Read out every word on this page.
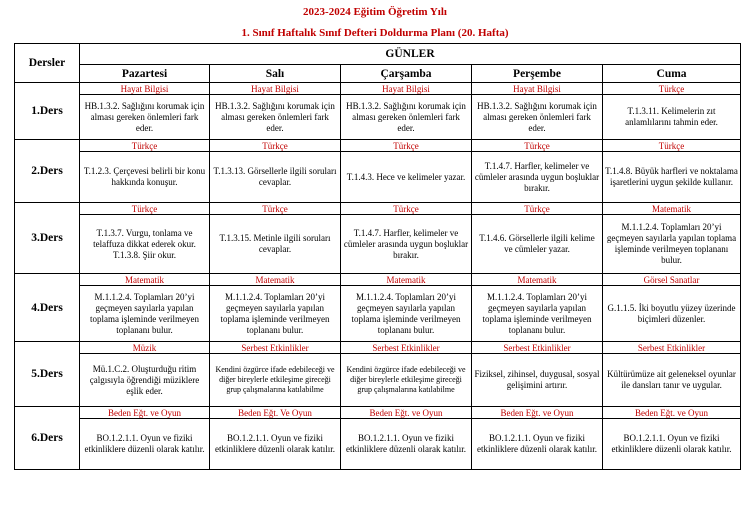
2023-2024 Eğitim Öğretim Yılı
1. Sınıf Haftalık Sınıf Defteri Doldurma Planı (20. Hafta)
Dersler	GÜNLER				
	Pazartesi	Salı	Çarşamba	Perşembe	Cuma
1.Ders	Hayat Bilgisi	Hayat Bilgisi	Hayat Bilgisi	Hayat Bilgisi	Türkçe

	HB.1.3.2. Sağlığını korumak için alması gereken önlemleri fark eder.	HB.1.3.2. Sağlığını korumak için alması gereken önlemleri fark eder.	HB.1.3.2. Sağlığını korumak için alması gereken önlemleri fark eder.	HB.1.3.2. Sağlığını korumak için alması gereken önlemleri fark eder.	T.1.3.11. Kelimelerin zıt anlamlılarını tahmin eder.

2.Ders	Türkçe	Türkçe	Türkçe	Türkçe	Türkçe

	T.1.2.3. Çerçevesi belirli bir konu hakkında konuşur.	T.1.3.13. Görsellerle ilgili soruları cevaplar.	T.1.4.3. Hece ve kelimeler yazar.	T.1.4.7. Harfler, kelimeler ve cümleler arasında uygun boşluklar bırakır.	T.1.4.8. Büyük harfleri ve noktalama işaretlerini uygun şekilde kullanır.

3.Ders	Türkçe	Türkçe	Türkçe	Türkçe	Matematik

	T.1.3.7. Vurgu, tonlama ve telaffuza dikkat ederek okur.
T.1.3.8. Şiir okur.	T.1.3.15. Metinle ilgili soruları cevaplar.	T.1.4.7. Harfler, kelimeler ve cümleler arasında uygun boşluklar bırakır.	T.1.4.6. Görsellerle ilgili kelime ve cümleler yazar.	M.1.1.2.4. Toplamları 20’yi geçmeyen sayılarla yapılan toplama işleminde verilmeyen toplananı bulur.

4.Ders	Matematik	Matematik	Matematik	Matematik	Görsel Sanatlar

	M.1.1.2.4. Toplamları 20’yi geçmeyen sayılarla yapılan toplama işleminde verilmeyen toplananı bulur.	M.1.1.2.4. Toplamları 20’yi geçmeyen sayılarla yapılan toplama işleminde verilmeyen toplananı bulur.	M.1.1.2.4. Toplamları 20’yi geçmeyen sayılarla yapılan toplama işleminde verilmeyen toplananı bulur.	M.1.1.2.4. Toplamları 20’yi geçmeyen sayılarla yapılan toplama işleminde verilmeyen toplananı bulur.	G.1.1.5. İki boyutlu yüzey üzerinde biçimleri düzenler.

5.Ders	Müzik	Serbest Etkinlikler	Serbest Etkinlikler	Serbest Etkinlikler	Serbest Etkinlikler

	Mü.1.C.2. Oluşturduğu ritim çalgısıyla öğrendiği müziklere eşlik eder.	Kendini özgürce ifade edebileceği ve diğer bireylerle etkileşime gireceği grup çalışmalarına katılabilme	Kendini özgürce ifade edebileceği ve diğer bireylerle etkileşime gireceği grup çalışmalarına katılabilme	Fiziksel, zihinsel, duygusal, sosyal gelişimini artırır.	Kültürümüze ait geleneksel oyunlar ile dansları tanır ve uygular.

6.Ders	Beden Eğt. ve Oyun	Beden Eğt. Ve Oyun	Beden Eğt. ve Oyun	Beden Eğt. ve Oyun	Beden Eğt. ve Oyun

	BO.1.2.1.1. Oyun ve fiziki etkinliklere düzenli olarak katılır.	BO.1.2.1.1. Oyun ve fiziki etkinliklere düzenli olarak katılır.	BO.1.2.1.1. Oyun ve fiziki etkinliklere düzenli olarak katılır.	BO.1.2.1.1. Oyun ve fiziki etkinliklere düzenli olarak katılır.	BO.1.2.1.1. Oyun ve fiziki etkinliklere düzenli olarak katılır.
